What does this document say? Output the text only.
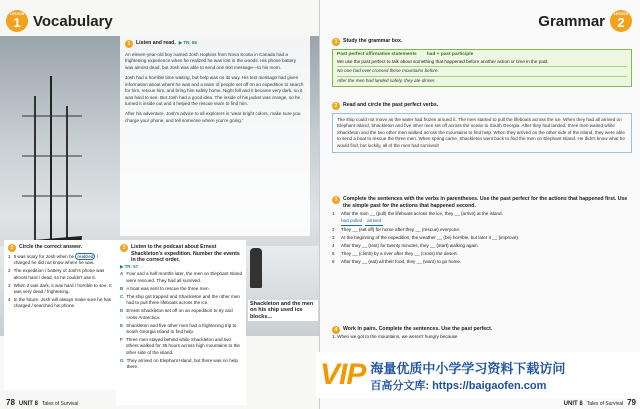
LESSON
1 Vocabulary
1	Listen and read. ▶ TR: 56

An eleven-year-old boy named Josh Hopkins from Nova Scotia in Canada had a frightening experience when he realized he was lost in the woods. His phone battery was almost dead, but Josh was able to send one text message—to his mom.

Josh had a horrible time waiting, but help was on its way. His text message had given information about where he was and a team of people set off on an expedition to search for him, rescue him, and bring him safely home. Night fell and it became very dark, so it was hard to see. But Josh had a good idea. The inside of his jacket was orange, so he turned it inside out and it helped the rescue team to find him.

After his adventure, Josh's advice to all explorers is 'wear bright colors, make sure you charge your phone, and tell someone where you're going.'

Shackleton and the men on his ship used ice blocks...
2	Circle the correct answer.
1 It was scary for Josh when he realized / charged he did not know where he was.
2 The expedition / battery of Josh's phone was almost hard / dead, so he couldn't use it.
3 When it was dark, it was hard / horrible to see. It was very dead / frightening.
4 In the future, Josh will always make sure he has charged / searched his phone.
3	Listen to the podcast about Ernest Shackleton's expedition. Number the events in the correct order.
▶ TR: 57
A Four and a half months later, the men on Elephant Island were rescued. They had all survived.
B A boat was sent to rescue the three men.
C The ship got trapped and Shackleton and the other men had to pull three lifeboats across the ice.
D Ernest Shackleton set off on an expedition to try and cross Antarctica.
E Shackleton and five other men had a frightening trip to South Georgia Island to find help.
F Three men stayed behind while Shackleton and two others walked for 36 hours across high mountains to the other side of the island.
G They arrived on Elephant Island, but there was no help there.
78 UNIT 8 Tales of Survival
Grammar	LESSON
2
1	Study the grammar box.
Past perfect affirmative statements had + past participle
We use the past perfect to talk about something that happened before another action or time in the past.
No one had ever crossed these mountains before.
After the men had landed safely, they ate dinner.
2	Read and circle the past perfect verbs.
The ship could not move as the water had frozen around it. The men started to pull the lifeboats across the ice. When they had all arrived on Elephant Island, Shackleton and five other men set off across the ocean to South Georgia. After they had landed, three men waited while Shackleton and the two other men walked across the mountains to find help. When they arrived on the other side of the island, they were able to send a boat to rescue the three men. When spring came, Shackleton went back to find the men on Elephant Island. He didn't know what he would find, but luckily, all of the men had survived!
3	Complete the sentences with the verbs in parentheses. Use the past perfect for the actions that happened first. Use the simple past for the actions that happened second.
1	After the men __ (pull) the lifeboats across the ice, they __ (arrive) at the island.
had pulled	arrived
2	They __ (set off) for home after they __ (rescue) everyone.
3	At the beginning of the expedition, the weather __ (be) horrible, but later it __ (improve).
4	After they __ (rest) for twenty minutes, they __ (start) walking again.
5	They __ (climb) by a river after they __ (cross) the desert.
6	After they __ (eat) all their food, they __ (want) to go home.
4	Work in pairs. Complete the sentences. Use the past perfect.
1. When we got to the mountains, we weren't hungry because
UNIT 8 Tales of Survival 79
VIP 海量优质中小学学习资料下载访问
百高分文库: https://baigaofen.com
